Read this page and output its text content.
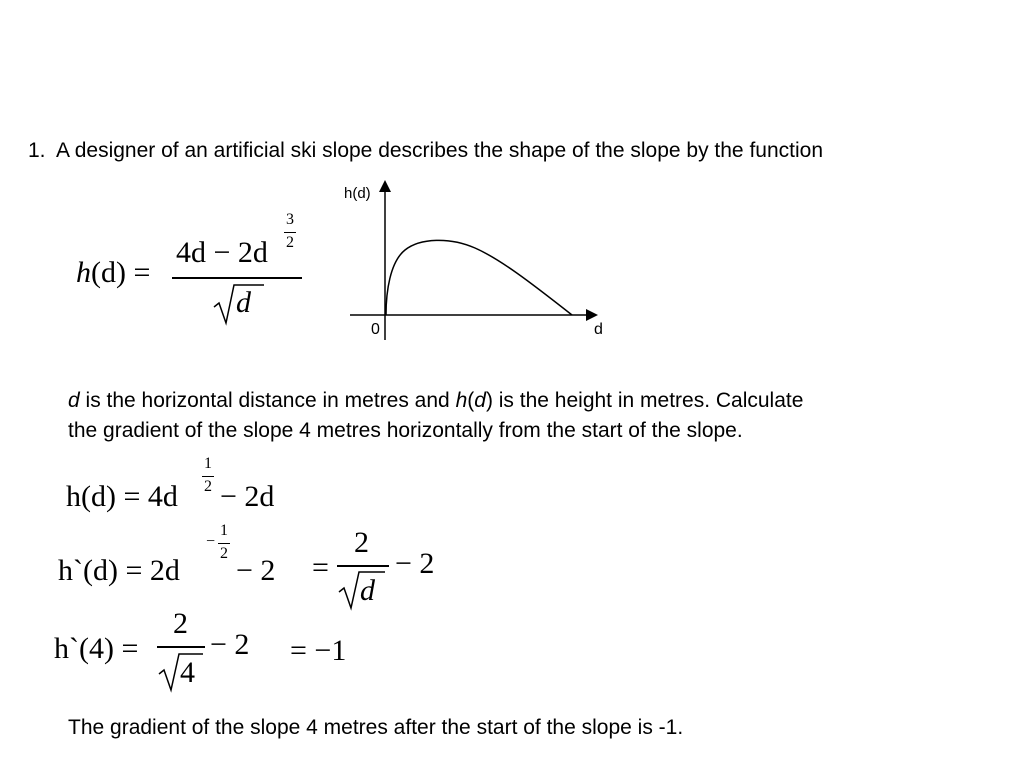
1. A designer of an artificial ski slope describes the shape of the slope by the function
h(d) =
4d − 2d
3
2
d
h(d)
0	d
d is the horizontal distance in metres and h(d) is the height in metres. Calculate
the gradient of the slope 4 metres horizontally from the start of the slope.
h(d) = 4d
1
2 − 2d
h`(d) = 2d
−
1
2
− 2 =
2
d
− 2
h`(4) =
2
4
− 2 = −1
The gradient of the slope 4 metres after the start of the slope is -1.
